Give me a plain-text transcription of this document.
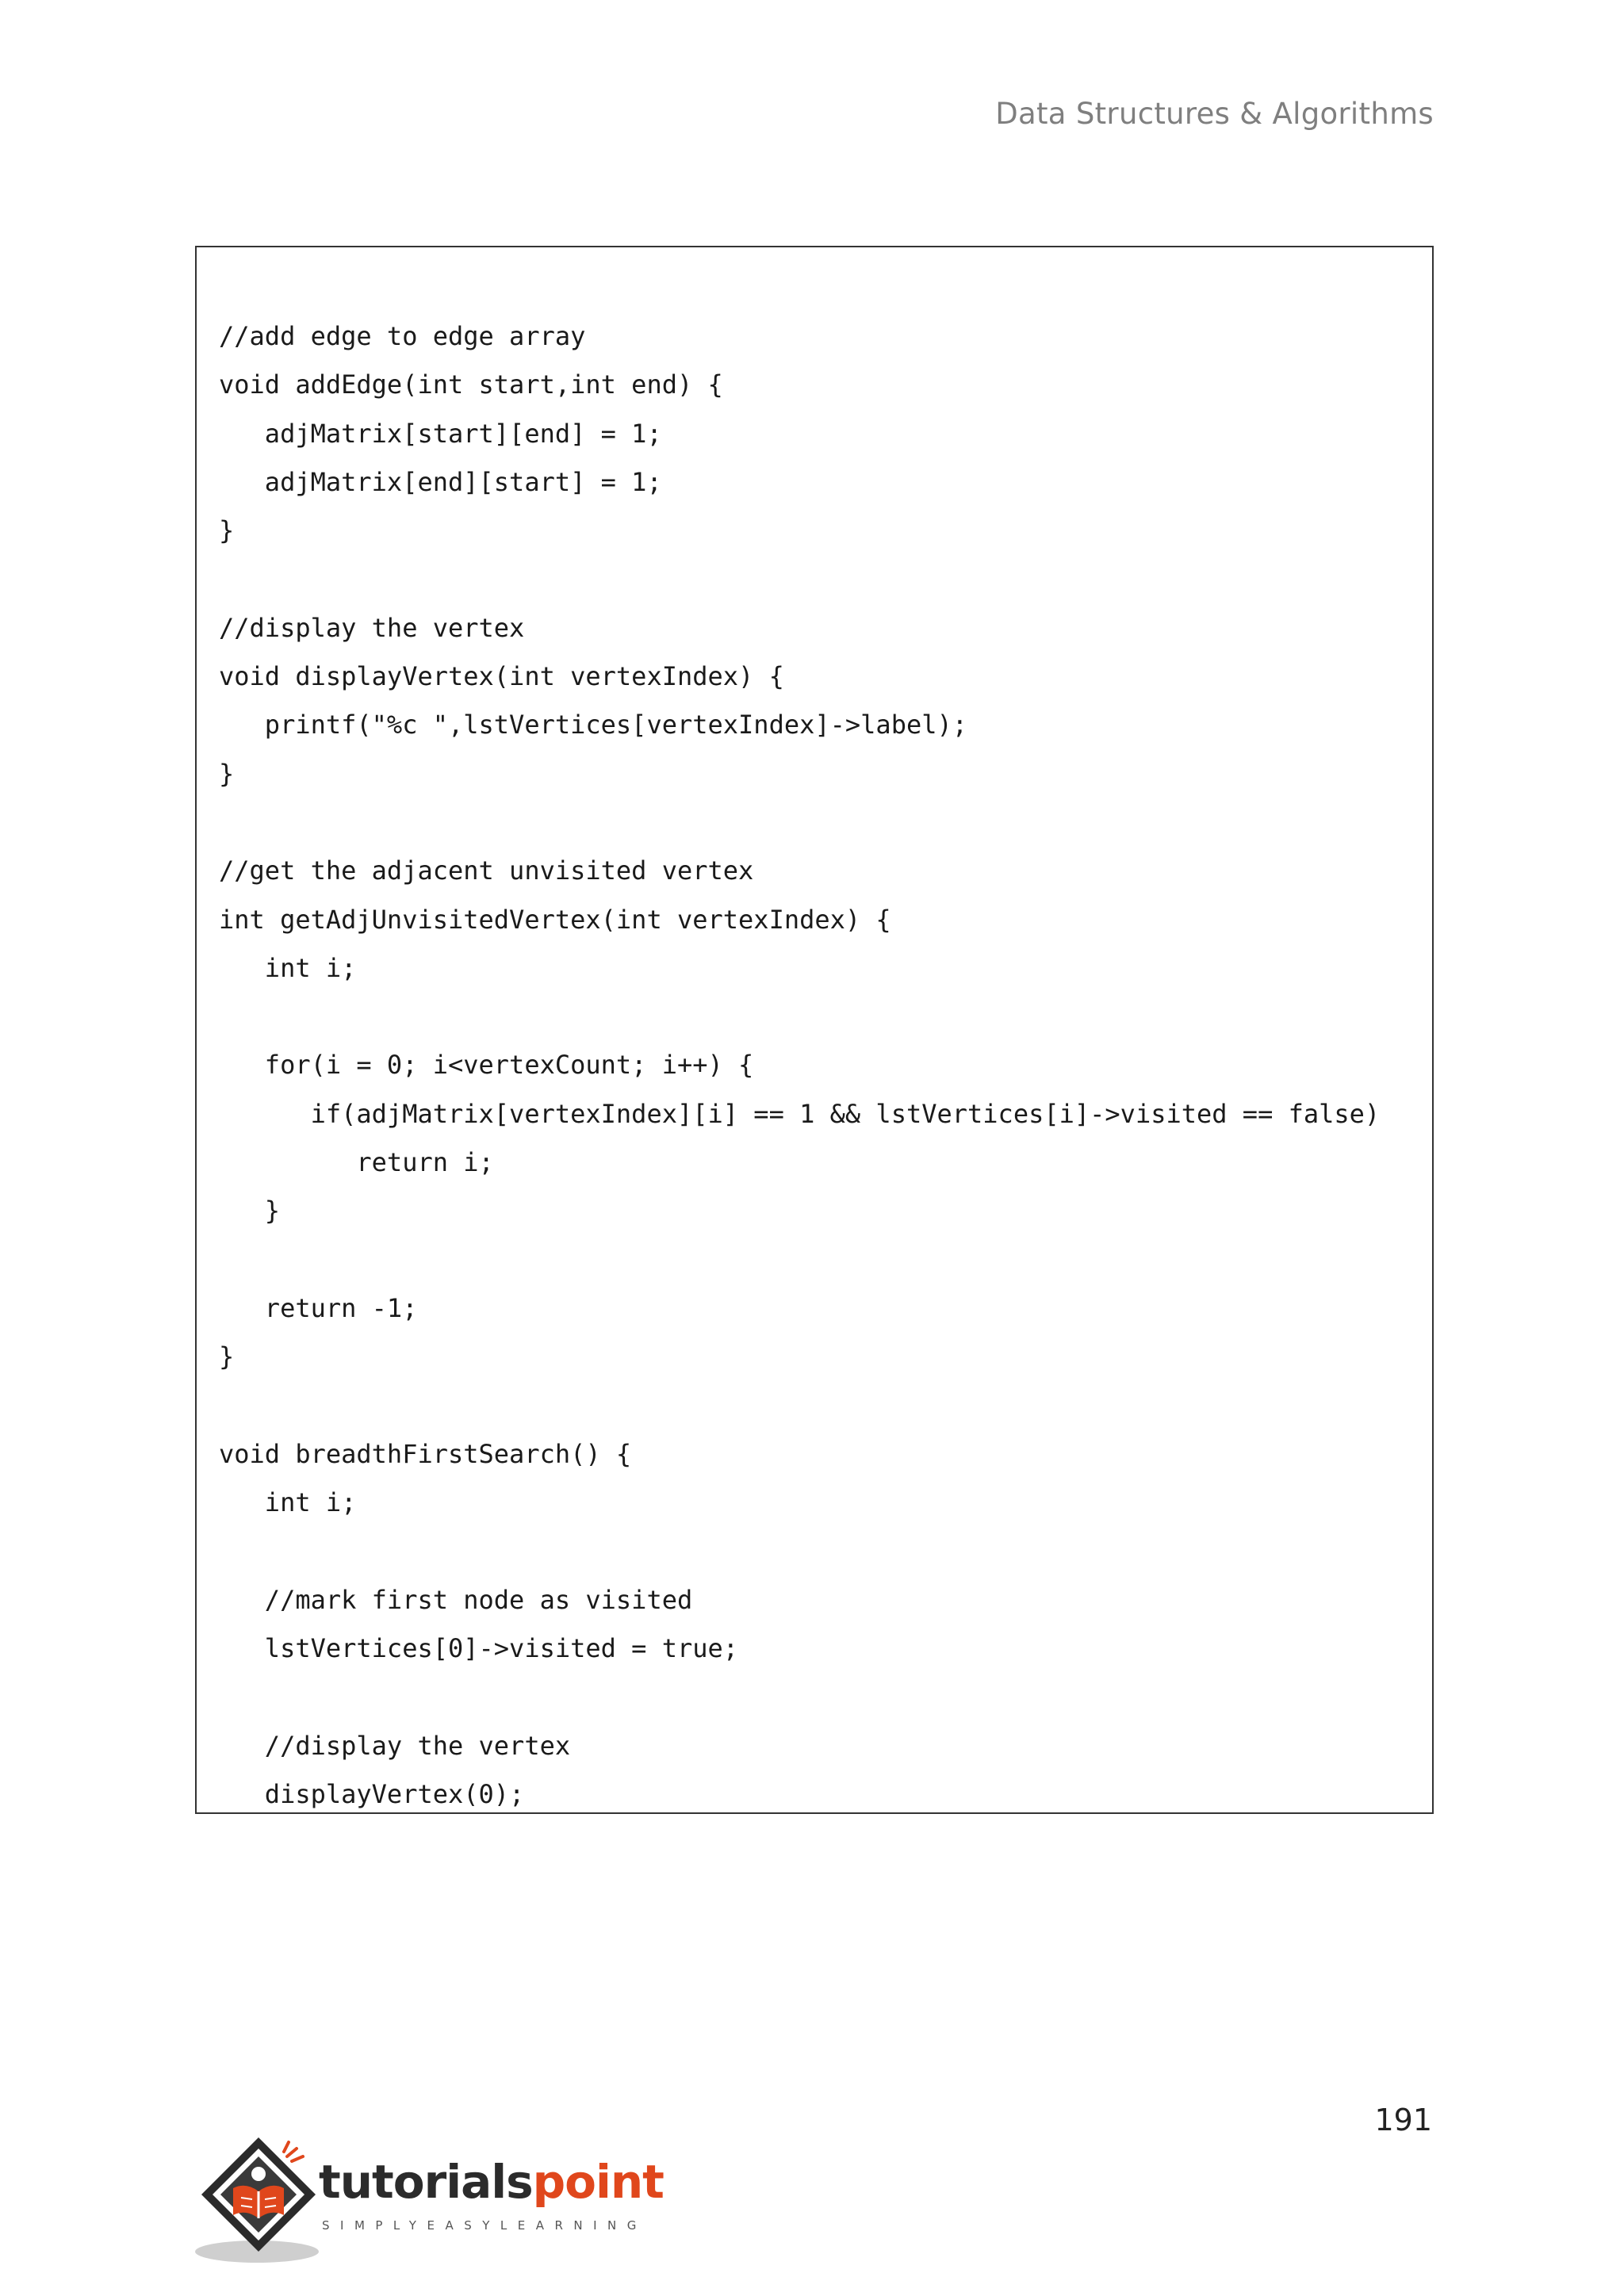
Data Structures & Algorithms
//add edge to edge array
void addEdge(int start,int end) {
adjMatrix[start][end] = 1;
adjMatrix[end][start] = 1;
}
//display the vertex
void displayVertex(int vertexIndex) {
printf("%c ",lstVertices[vertexIndex]->label);
}
//get the adjacent unvisited vertex
int getAdjUnvisitedVertex(int vertexIndex) {
int i;
for(i = 0; i<vertexCount; i++) {
if(adjMatrix[vertexIndex][i] == 1 && lstVertices[i]->visited == false)
return i;
}
return -1;
}
void breadthFirstSearch() {
int i;
//mark first node as visited
lstVertices[0]->visited = true;
//display the vertex
displayVertex(0);
191
tutorialspoint
SIMPLYEASYLEARNING
